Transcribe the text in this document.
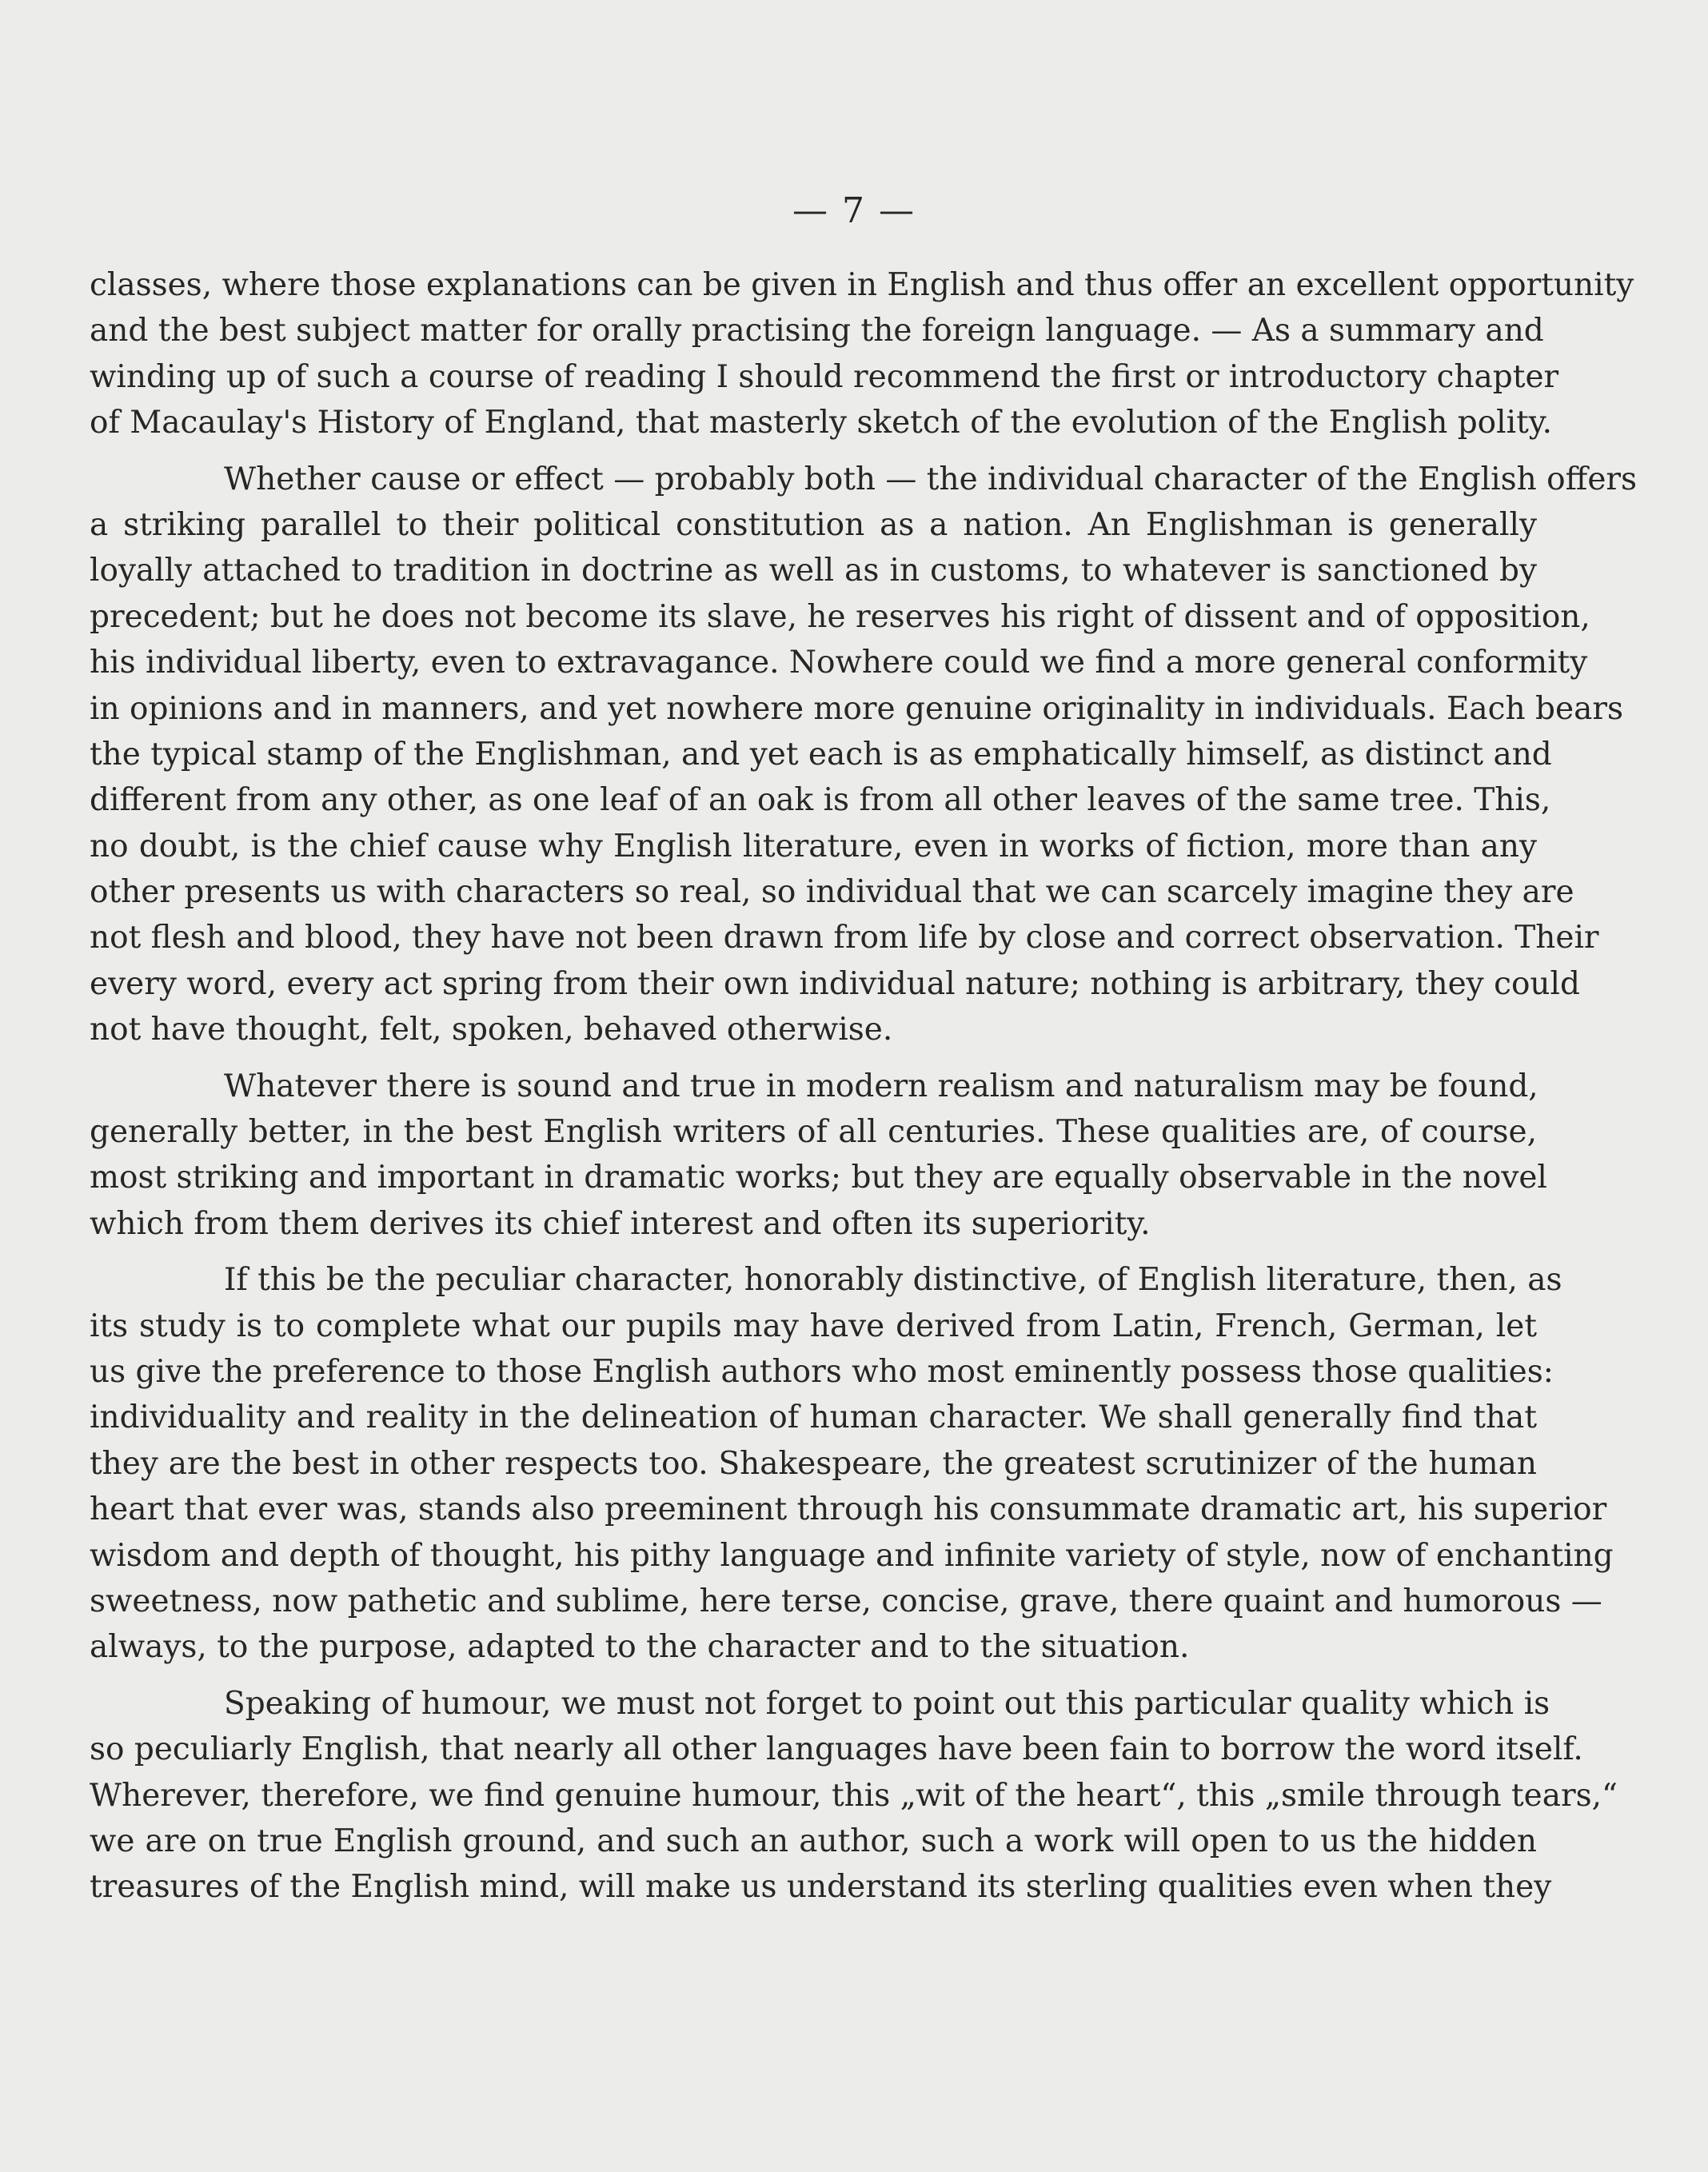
— 7 —
classes, where those explanations can be given in English and thus offer an excellent opportunity
and the best subject matter for orally practising the foreign language. — As a summary and
winding up of such a course of reading I should recommend the first or introductory chapter
of Macaulay's History of England, that masterly sketch of the evolution of the English polity.
Whether cause or effect — probably both — the individual character of the English offers
a striking parallel to their political constitution as a nation. An Englishman is generally
loyally attached to tradition in doctrine as well as in customs, to whatever is sanctioned by
precedent; but he does not become its slave, he reserves his right of dissent and of opposition,
his individual liberty, even to extravagance. Nowhere could we find a more general conformity
in opinions and in manners, and yet nowhere more genuine originality in individuals. Each bears
the typical stamp of the Englishman, and yet each is as emphatically himself, as distinct and
different from any other, as one leaf of an oak is from all other leaves of the same tree. This,
no doubt, is the chief cause why English literature, even in works of fiction, more than any
other presents us with characters so real, so individual that we can scarcely imagine they are
not flesh and blood, they have not been drawn from life by close and correct observation. Their
every word, every act spring from their own individual nature; nothing is arbitrary, they could
not have thought, felt, spoken, behaved otherwise.
Whatever there is sound and true in modern realism and naturalism may be found,
generally better, in the best English writers of all centuries. These qualities are, of course,
most striking and important in dramatic works; but they are equally observable in the novel
which from them derives its chief interest and often its superiority.
If this be the peculiar character, honorably distinctive, of English literature, then, as
its study is to complete what our pupils may have derived from Latin, French, German, let
us give the preference to those English authors who most eminently possess those qualities:
individuality and reality in the delineation of human character. We shall generally find that
they are the best in other respects too. Shakespeare, the greatest scrutinizer of the human
heart that ever was, stands also preeminent through his consummate dramatic art, his superior
wisdom and depth of thought, his pithy language and infinite variety of style, now of enchanting
sweetness, now pathetic and sublime, here terse, concise, grave, there quaint and humorous —
always, to the purpose, adapted to the character and to the situation.
Speaking of humour, we must not forget to point out this particular quality which is
so peculiarly English, that nearly all other languages have been fain to borrow the word itself.
Wherever, therefore, we find genuine humour, this „wit of the heart“, this „smile through tears,“
we are on true English ground, and such an author, such a work will open to us the hidden
treasures of the English mind, will make us understand its sterling qualities even when they
